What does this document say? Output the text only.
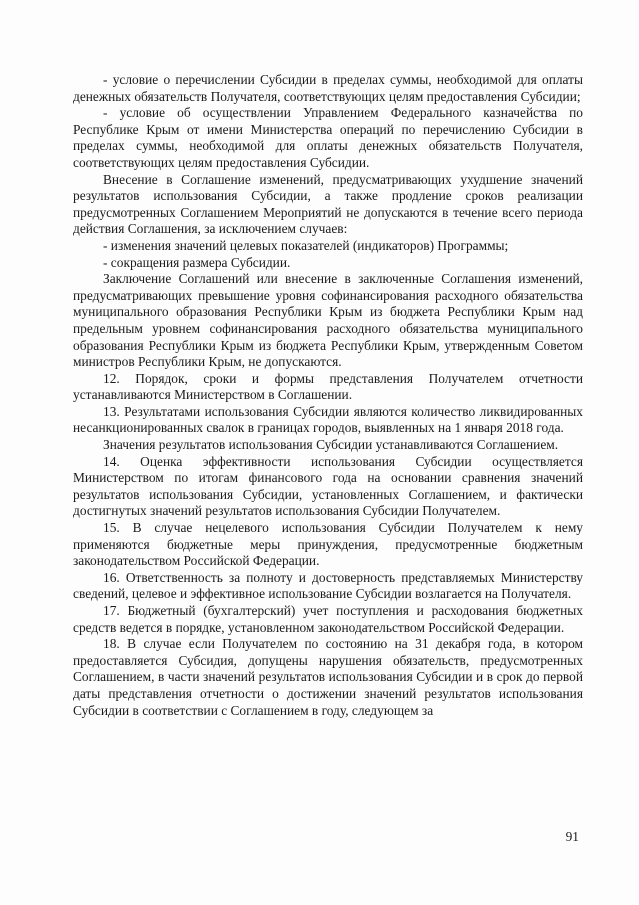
- условие о перечислении Субсидии в пределах суммы, необходимой для оплаты денежных обязательств Получателя, соответствующих целям предоставления Субсидии;

- условие об осуществлении Управлением Федерального казначейства по Республике Крым от имени Министерства операций по перечислению Субсидии в пределах суммы, необходимой для оплаты денежных обязательств Получателя, соответствующих целям предоставления Субсидии.

Внесение в Соглашение изменений, предусматривающих ухудшение значений результатов использования Субсидии, а также продление сроков реализации предусмотренных Соглашением Мероприятий не допускаются в течение всего периода действия Соглашения, за исключением случаев:

- изменения значений целевых показателей (индикаторов) Программы;

- сокращения размера Субсидии.

Заключение Соглашений или внесение в заключенные Соглашения изменений, предусматривающих превышение уровня софинансирования расходного обязательства муниципального образования Республики Крым из бюджета Республики Крым над предельным уровнем софинансирования расходного обязательства муниципального образования Республики Крым из бюджета Республики Крым, утвержденным Советом министров Республики Крым, не допускаются.

12. Порядок, сроки и формы представления Получателем отчетности устанавливаются Министерством в Соглашении.

13. Результатами использования Субсидии являются количество ликвидированных несанкционированных свалок в границах городов, выявленных на 1 января 2018 года.

Значения результатов использования Субсидии устанавливаются Соглашением.

14. Оценка эффективности использования Субсидии осуществляется Министерством по итогам финансового года на основании сравнения значений результатов использования Субсидии, установленных Соглашением, и фактически достигнутых значений результатов использования Субсидии Получателем.

15. В случае нецелевого использования Субсидии Получателем к нему применяются бюджетные меры принуждения, предусмотренные бюджетным законодательством Российской Федерации.

16. Ответственность за полноту и достоверность представляемых Министерству сведений, целевое и эффективное использование Субсидии возлагается на Получателя.

17. Бюджетный (бухгалтерский) учет поступления и расходования бюджетных средств ведется в порядке, установленном законодательством Российской Федерации.

18. В случае если Получателем по состоянию на 31 декабря года, в котором предоставляется Субсидия, допущены нарушения обязательств, предусмотренных Соглашением, в части значений результатов использования Субсидии и в срок до первой даты представления отчетности о достижении значений результатов использования Субсидии в соответствии с Соглашением в году, следующем за

91
